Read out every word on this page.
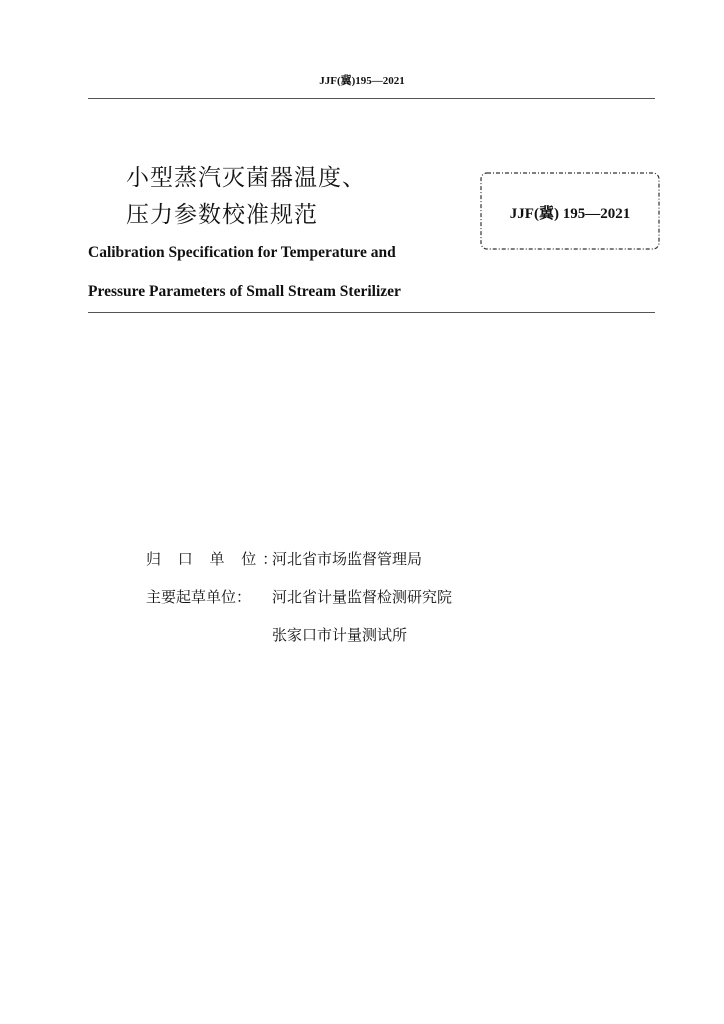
JJF(冀)195—2021
小型蒸汽灭菌器温度、
压力参数校准规范	JJF(冀) 195—2021
Calibration Specification for Temperature and
Pressure Parameters of Small Stream Sterilizer
归 口 单 位：
河北省市场监督管理局
主要起草单位： 河北省计量监督检测研究院
张家口市计量测试所
